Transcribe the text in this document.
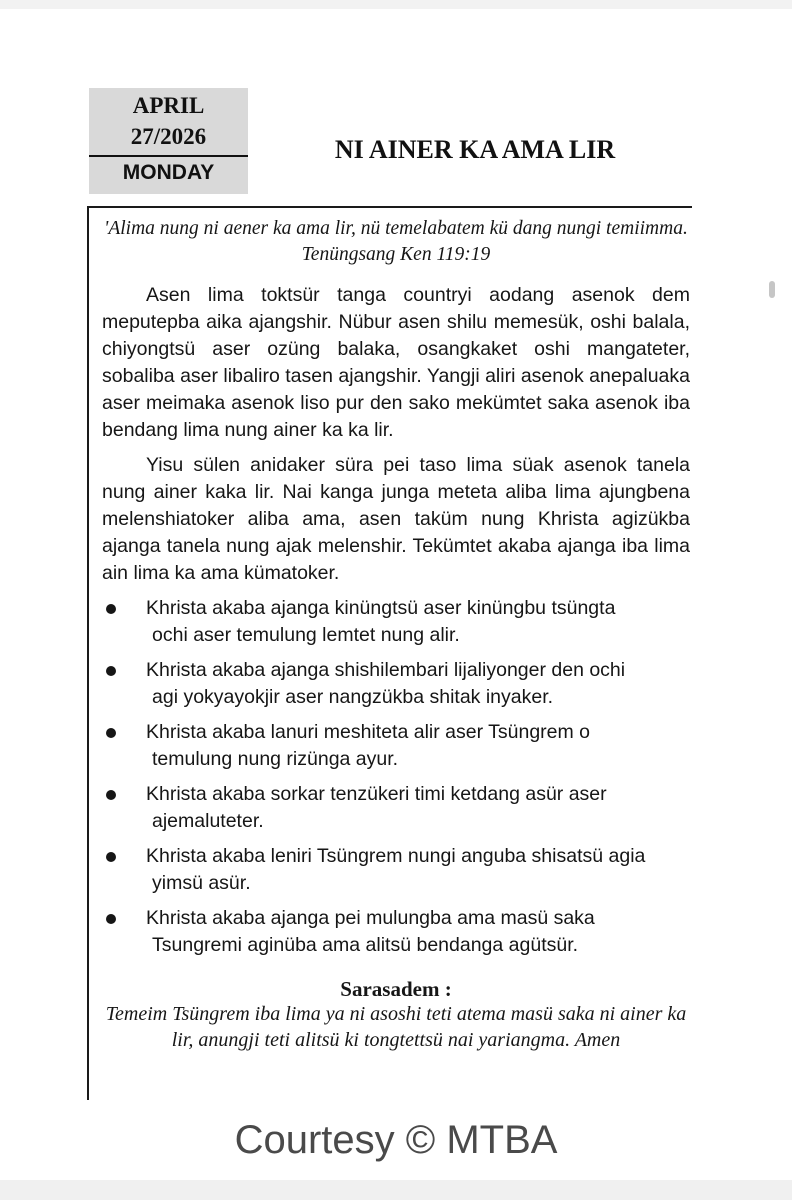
APRIL
27/2026
MONDAY
NI AINER KA AMA LIR

'Alima nung ni aener ka ama lir, nü temelabatem kü dang nungi temiimma. Tenüngsang Ken 119:19

Asen lima toktsür tanga countryi aodang asenok dem meputepba aika ajangshir. Nübur asen shilu memesük, oshi balala, chiyongtsü aser ozüng balaka, osangkaket oshi mangateter, sobaliba aser libaliro tasen ajangshir. Yangji aliri asenok anepaluaka aser meimaka asenok liso pur den sako mekümtet saka asenok iba bendang lima nung ainer ka ka lir.

Yisu sülen anidaker süra pei taso lima süak asenok tanela nung ainer kaka lir. Nai kanga junga meteta aliba lima ajungbena melenshiatoker aliba ama, asen taküm nung Khrista agizükba ajanga tanela nung ajak melenshir. Tekümtet akaba ajanga iba lima ain lima ka ama kümatoker.

Khrista akaba ajanga kinüngtsü aser kinüngbu tsüngta
ochi aser temulung lemtet nung alir.
Khrista akaba ajanga shishilembari lijaliyonger den ochi
agi yokyayokjir aser nangzükba shitak inyaker.
Khrista akaba lanuri meshiteta alir aser Tsüngrem o
temulung nung rizünga ayur.
Khrista akaba sorkar tenzükeri timi ketdang asür aser
ajemaluteter.
Khrista akaba leniri Tsüngrem nungi anguba shisatsü agia
yimsü asür.
Khrista akaba ajanga pei mulungba ama masü saka
Tsungremi aginüba ama alitsü bendanga agütsür.
Sarasadem :

Temeim Tsüngrem iba lima ya ni asoshi teti atema masü saka ni ainer ka lir, anungji teti alitsü ki tongtettsü nai yariangma. Amen

Courtesy © MTBA
